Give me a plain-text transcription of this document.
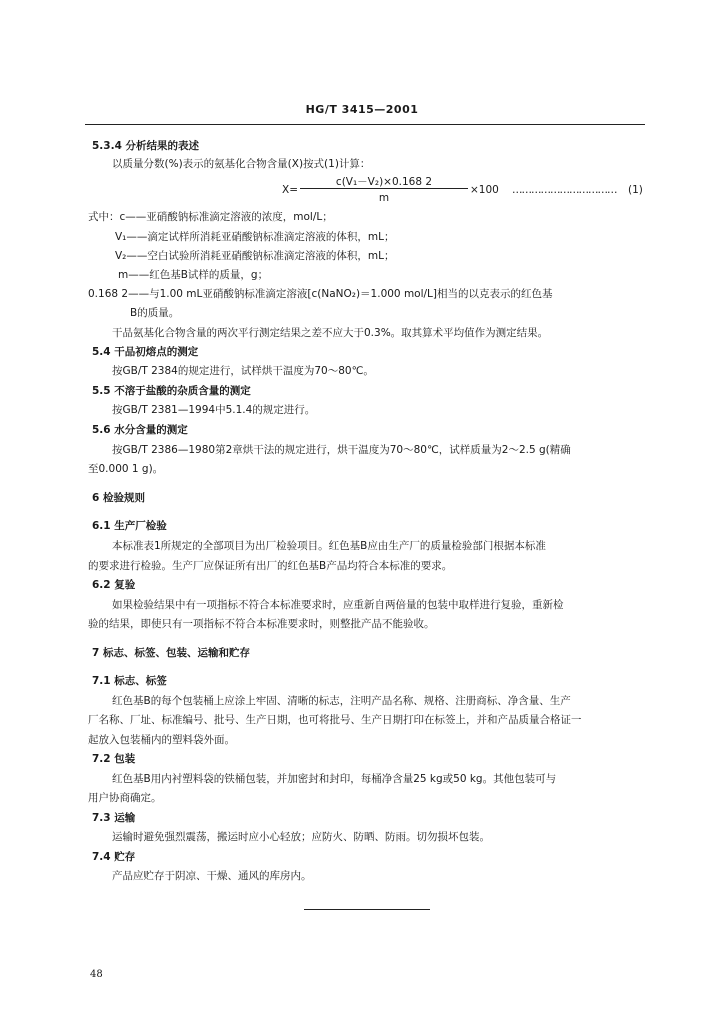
HG/T 3415—2001
5.3.4 分析结果的表述
以质量分数(%)表示的氨基化合物含量(X)按式(1)计算：
X=
c(V₁－V₂)×0.168 2
m
×100 …………………………… (1)
式中：c——亚硝酸钠标准滴定溶液的浓度，mol/L；
V₁——滴定试样所消耗亚硝酸钠标准滴定溶液的体积，mL；
V₂——空白试验所消耗亚硝酸钠标准滴定溶液的体积，mL；
m——红色基B试样的质量，g；
0.168 2——与1.00 mL亚硝酸钠标准滴定溶液[c(NaNO₂)＝1.000 mol/L]相当的以克表示的红色基
B的质量。
干品氨基化合物含量的两次平行测定结果之差不应大于0.3%。取其算术平均值作为测定结果。
5.4 干品初熔点的测定
按GB/T 2384的规定进行，试样烘干温度为70～80℃。
5.5 不溶于盐酸的杂质含量的测定
按GB/T 2381—1994中5.1.4的规定进行。
5.6 水分含量的测定
按GB/T 2386—1980第2章烘干法的规定进行，烘干温度为70～80℃，试样质量为2～2.5 g(精确
至0.000 1 g)。
6 检验规则
6.1 生产厂检验
本标准表1所规定的全部项目为出厂检验项目。红色基B应由生产厂的质量检验部门根据本标准
的要求进行检验。生产厂应保证所有出厂的红色基B产品均符合本标准的要求。
6.2 复验
如果检验结果中有一项指标不符合本标准要求时，应重新自两倍量的包装中取样进行复验，重新检
验的结果，即使只有一项指标不符合本标准要求时，则整批产品不能验收。
7 标志、标签、包装、运输和贮存
7.1 标志、标签
红色基B的每个包装桶上应涂上牢固、清晰的标志，注明产品名称、规格、注册商标、净含量、生产
厂名称、厂址、标准编号、批号、生产日期，也可将批号、生产日期打印在标签上，并和产品质量合格证一
起放入包装桶内的塑料袋外面。
7.2 包装
红色基B用内衬塑料袋的铁桶包装，并加密封和封印，每桶净含量25 kg或50 kg。其他包装可与
用户协商确定。
7.3 运输
运输时避免强烈震荡，搬运时应小心轻放；应防火、防晒、防雨。切勿损坏包装。
7.4 贮存
产品应贮存于阴凉、干燥、通风的库房内。
48
